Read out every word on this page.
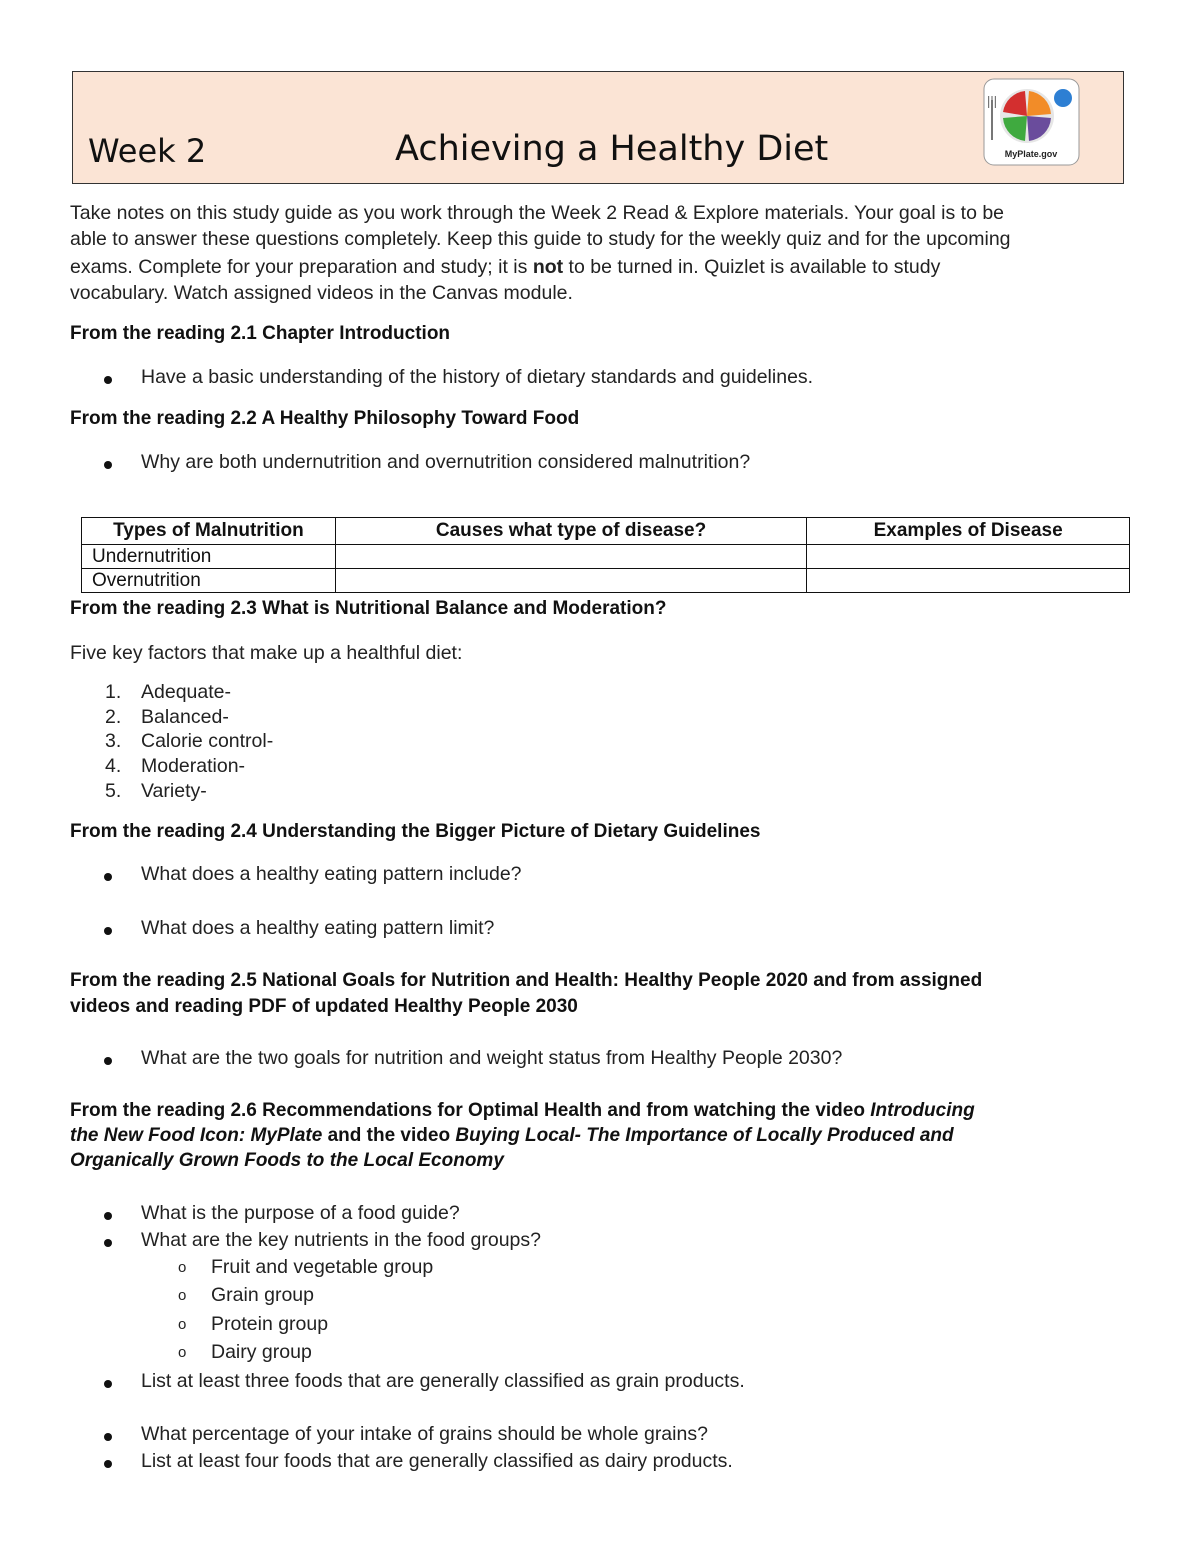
Week 2	Achieving a Healthy Diet	MyPlate.gov

Take notes on this study guide as you work through the Week 2 Read & Explore materials. Your goal is to be

able to answer these questions completely. Keep this guide to study for the weekly quiz and for the upcoming

exams. Complete for your preparation and study; it is not to be turned in. Quizlet is available to study

vocabulary. Watch assigned videos in the Canvas module.

From the reading 2.1 Chapter Introduction
Have a basic understanding of the history of dietary standards and guidelines.
From the reading 2.2 A Healthy Philosophy Toward Food
Why are both undernutrition and overnutrition considered malnutrition?
Types of Malnutrition	Causes what type of disease?	Examples of Disease
Undernutrition		
Overnutrition		
From the reading 2.3 What is Nutritional Balance and Moderation?
Five key factors that make up a healthful diet:
1. Adequate-
2. Balanced-
3. Calorie control-
4. Moderation-
5. Variety-
From the reading 2.4 Understanding the Bigger Picture of Dietary Guidelines
What does a healthy eating pattern include?
What does a healthy eating pattern limit?
From the reading 2.5 National Goals for Nutrition and Health: Healthy People 2020 and from assigned
videos and reading PDF of updated Healthy People 2030
What are the two goals for nutrition and weight status from Healthy People 2030?
From the reading 2.6 Recommendations for Optimal Health and from watching the video Introducing
the New Food Icon: MyPlate and the video Buying Local- The Importance of Locally Produced and
Organically Grown Foods to the Local Economy
What is the purpose of a food guide?
What are the key nutrients in the food groups?
o Fruit and vegetable group
o Grain group
o Protein group
o Dairy group
List at least three foods that are generally classified as grain products.
What percentage of your intake of grains should be whole grains?
List at least four foods that are generally classified as dairy products.
